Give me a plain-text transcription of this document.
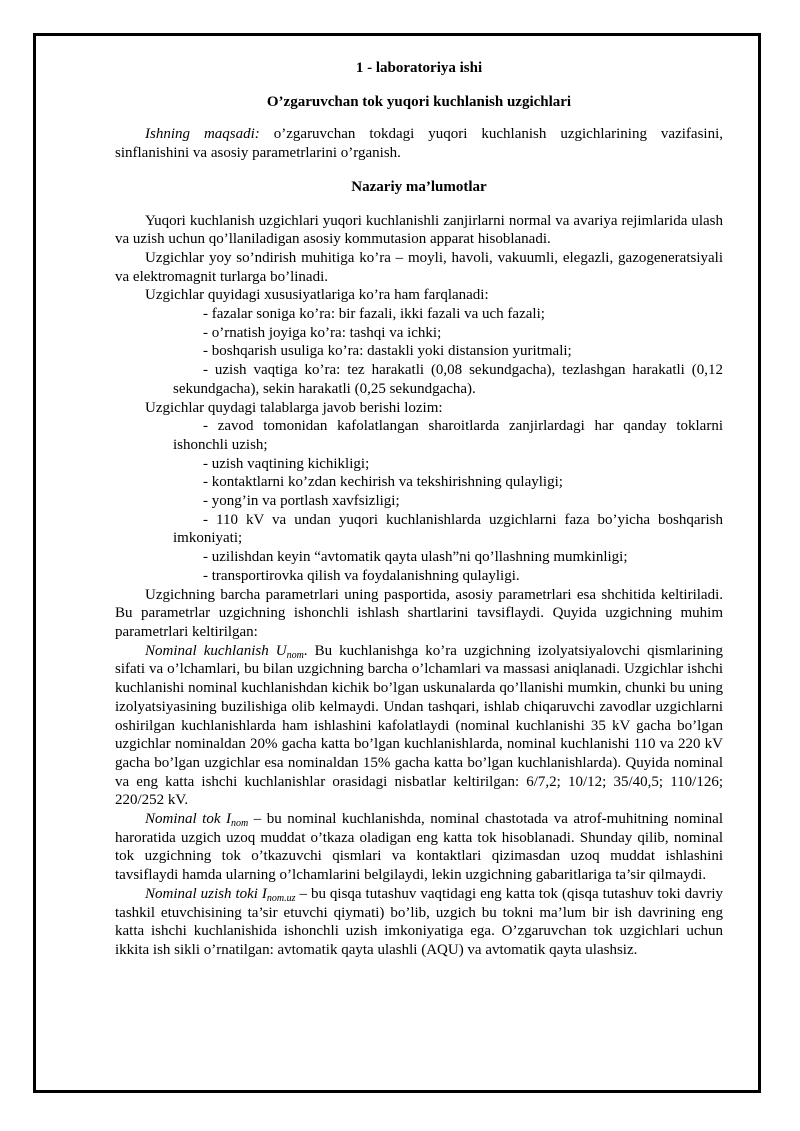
1 - laboratoriya ishi

O’zgaruvchan tok yuqori kuchlanish uzgichlari

Ishning maqsadi: o’zgaruvchan tokdagi yuqori kuchlanish uzgichlarining vazifasini, sinflanishini va asosiy parametrlarini o’rganish.

Nazariy ma’lumotlar

Yuqori kuchlanish uzgichlari yuqori kuchlanishli zanjirlarni normal va avariya rejimlarida ulash va uzish uchun qo’llaniladigan asosiy kommutasion apparat hisoblanadi.

Uzgichlar yoy so’ndirish muhitiga ko’ra – moyli, havoli, vakuumli, elegazli, gazogeneratsiyali va elektromagnit turlarga bo’linadi.

Uzgichlar quyidagi xususiyatlariga ko’ra ham farqlanadi:

- fazalar soniga ko’ra: bir fazali, ikki fazali va uch fazali;

- o’rnatish joyiga ko’ra: tashqi va ichki;

- boshqarish usuliga ko’ra: dastakli yoki distansion yuritmali;

- uzish vaqtiga ko’ra: tez harakatli (0,08 sekundgacha), tezlashgan harakatli (0,12 sekundgacha), sekin harakatli (0,25 sekundgacha).

Uzgichlar quydagi talablarga javob berishi lozim:

- zavod tomonidan kafolatlangan sharoitlarda zanjirlardagi har qanday toklarni ishonchli uzish;

- uzish vaqtining kichikligi;

- kontaktlarni ko’zdan kechirish va tekshirishning qulayligi;

- yong’in va portlash xavfsizligi;

- 110 kV va undan yuqori kuchlanishlarda uzgichlarni faza bo’yicha boshqarish imkoniyati;

- uzilishdan keyin “avtomatik qayta ulash”ni qo’llashning mumkinligi;

- transportirovka qilish va foydalanishning qulayligi.

Uzgichning barcha parametrlari uning pasportida, asosiy parametrlari esa shchitida keltiriladi. Bu parametrlar uzgichning ishonchli ishlash shartlarini tavsiflaydi. Quyida uzgichning muhim parametrlari keltirilgan:

Nominal kuchlanish $U_{nom}$. Bu kuchlanishga ko’ra uzgichning izolyatsiyalovchi qismlarining sifati va o’lchamlari, bu bilan uzgichning barcha o’lchamlari va massasi aniqlanadi. Uzgichlar ishchi kuchlanishi nominal kuchlanishdan kichik bo’lgan uskunalarda qo’llanishi mumkin, chunki bu uning izolyatsiyasining buzilishiga olib kelmaydi. Undan tashqari, ishlab chiqaruvchi zavodlar uzgichlarni oshirilgan kuchlanishlarda ham ishlashini kafolatlaydi (nominal kuchlanishi 35 kV gacha bo’lgan uzgichlar nominaldan 20% gacha katta bo’lgan kuchlanishlarda, nominal kuchlanishi 110 va 220 kV gacha bo’lgan uzgichlar esa nominaldan 15% gacha katta bo’lgan kuchlanishlarda). Quyida nominal va eng katta ishchi kuchlanishlar orasidagi nisbatlar keltirilgan: 6/7,2; 10/12; 35/40,5; 110/126; 220/252 kV.

Nominal tok $I_{nom}$ – bu nominal kuchlanishda, nominal chastotada va atrof-muhitning nominal haroratida uzgich uzoq muddat o’tkaza oladigan eng katta tok hisoblanadi. Shunday qilib, nominal tok uzgichning tok o’tkazuvchi qismlari va kontaktlari qizimasdan uzoq muddat ishlashini tavsiflaydi hamda ularning o’lchamlarini belgilaydi, lekin uzgichning gabaritlariga ta’sir qilmaydi.

Nominal uzish toki $I_{nom.uz}$ – bu qisqa tutashuv vaqtidagi eng katta tok (qisqa tutashuv toki davriy tashkil etuvchisining ta’sir etuvchi qiymati) bo’lib, uzgich bu tokni ma’lum bir ish davrining eng katta ishchi kuchlanishida ishonchli uzish imkoniyatiga ega. O’zgaruvchan tok uzgichlari uchun ikkita ish sikli o’rnatilgan: avtomatik qayta ulashli (AQU) va avtomatik qayta ulashsiz.
